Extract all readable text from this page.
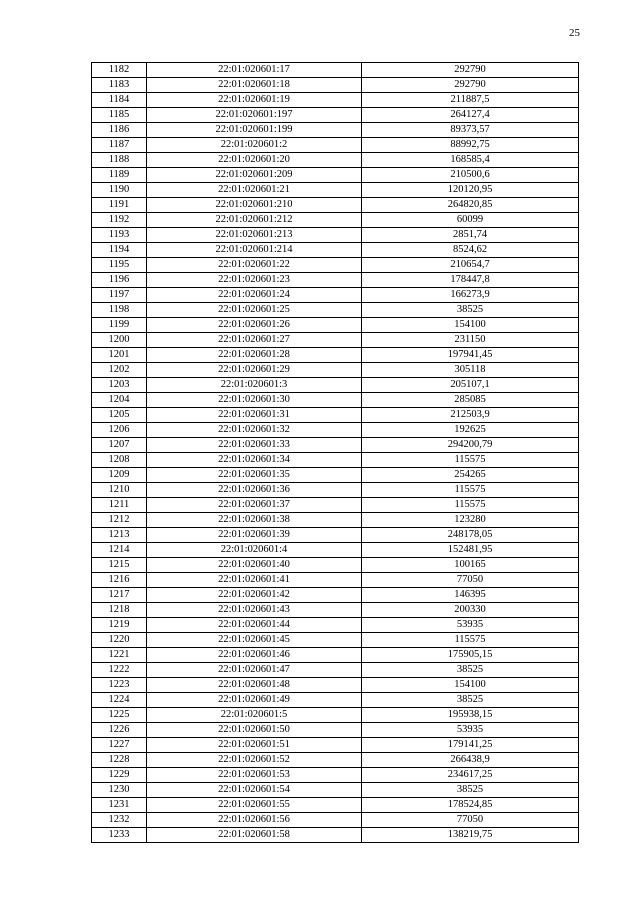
25
1182	22:01:020601:17	292790
1183	22:01:020601:18	292790
1184	22:01:020601:19	211887,5
1185	22:01:020601:197	264127,4
1186	22:01:020601:199	89373,57
1187	22:01:020601:2	88992,75
1188	22:01:020601:20	168585,4
1189	22:01:020601:209	210500,6
1190	22:01:020601:21	120120,95
1191	22:01:020601:210	264820,85
1192	22:01:020601:212	60099
1193	22:01:020601:213	2851,74
1194	22:01:020601:214	8524,62
1195	22:01:020601:22	210654,7
1196	22:01:020601:23	178447,8
1197	22:01:020601:24	166273,9
1198	22:01:020601:25	38525
1199	22:01:020601:26	154100
1200	22:01:020601:27	231150
1201	22:01:020601:28	197941,45
1202	22:01:020601:29	305118
1203	22:01:020601:3	205107,1
1204	22:01:020601:30	285085
1205	22:01:020601:31	212503,9
1206	22:01:020601:32	192625
1207	22:01:020601:33	294200,79
1208	22:01:020601:34	115575
1209	22:01:020601:35	254265
1210	22:01:020601:36	115575
1211	22:01:020601:37	115575
1212	22:01:020601:38	123280
1213	22:01:020601:39	248178,05
1214	22:01:020601:4	152481,95
1215	22:01:020601:40	100165
1216	22:01:020601:41	77050
1217	22:01:020601:42	146395
1218	22:01:020601:43	200330
1219	22:01:020601:44	53935
1220	22:01:020601:45	115575
1221	22:01:020601:46	175905,15
1222	22:01:020601:47	38525
1223	22:01:020601:48	154100
1224	22:01:020601:49	38525
1225	22:01:020601:5	195938,15
1226	22:01:020601:50	53935
1227	22:01:020601:51	179141,25
1228	22:01:020601:52	266438,9
1229	22:01:020601:53	234617,25
1230	22:01:020601:54	38525
1231	22:01:020601:55	178524,85
1232	22:01:020601:56	77050
1233	22:01:020601:58	138219,75
